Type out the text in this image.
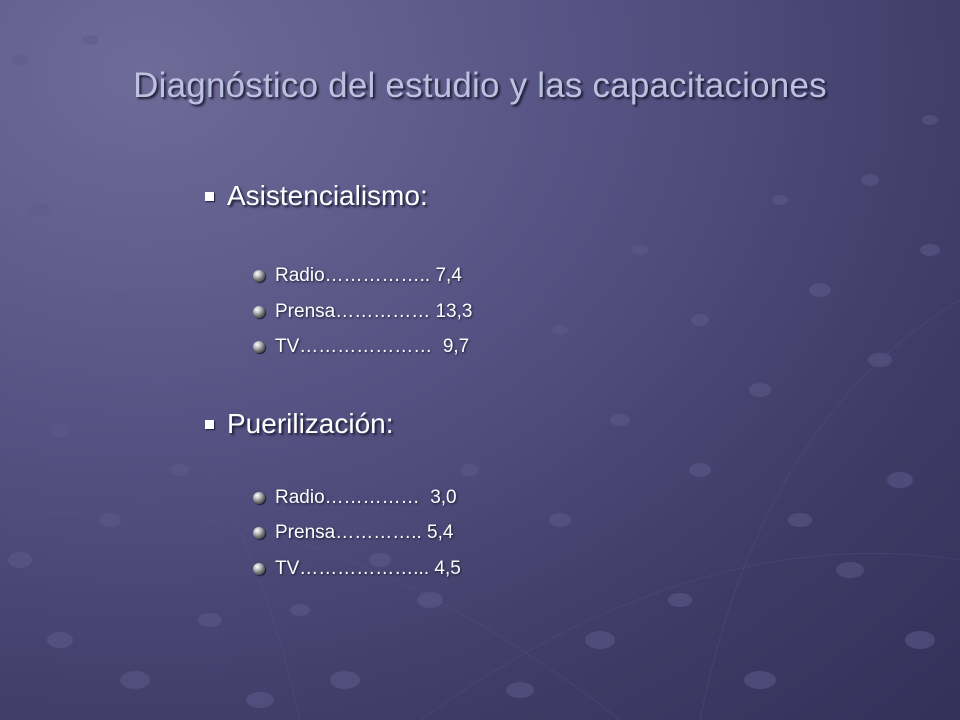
Diagnóstico del estudio y las capacitaciones
Asistencialismo:
Radio…………….. 7,4
Prensa…………… 13,3
TV…………………  9,7
Puerilización:
Radio……………  3,0
Prensa………….. 5,4
TV………………... 4,5
